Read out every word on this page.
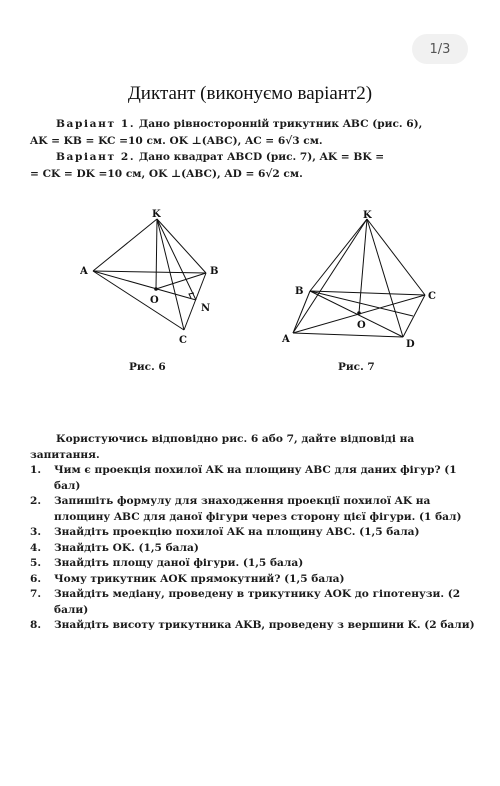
1/3
Диктант (виконуємо варіант2)

Варіант 1. Дано рівносторонній трикутник ABC (рис. 6),

AK = KB = KC =10 см. OK ⊥(ABC), AC = 6√3 см.

Варіант 2. Дано квадрат ABCD (рис. 7), AK = BK =

= CK = DK =10 см, OK ⊥(ABC), AD = 6√2 см.

K
A	B
O
N
C
Рис. 6
K
B	C
O
A	D
Рис. 7

Користуючись відповідно рис. 6 або 7, дайте відповіді на запитання.

1.	Чим є проекція похилої AK на площину ABC для даних фігур? (1 бал)
2.	Запишіть формулу для знаходження проекції похилої AK на площину ABC для даної фігури через сторону цієї фігури. (1 бал)
3.	Знайдіть проекцію похилої AK на площину ABC. (1,5 бала)
4.	Знайдіть OK. (1,5 бала)
5.	Знайдіть площу даної фігури. (1,5 бала)
6.	Чому трикутник AOK прямокутний? (1,5 бала)
7.	Знайдіть медіану, проведену в трикутнику AOK до гіпотенузи. (2 бали)
8.	Знайдіть висоту трикутника AKB, проведену з вершини K. (2 бали)
